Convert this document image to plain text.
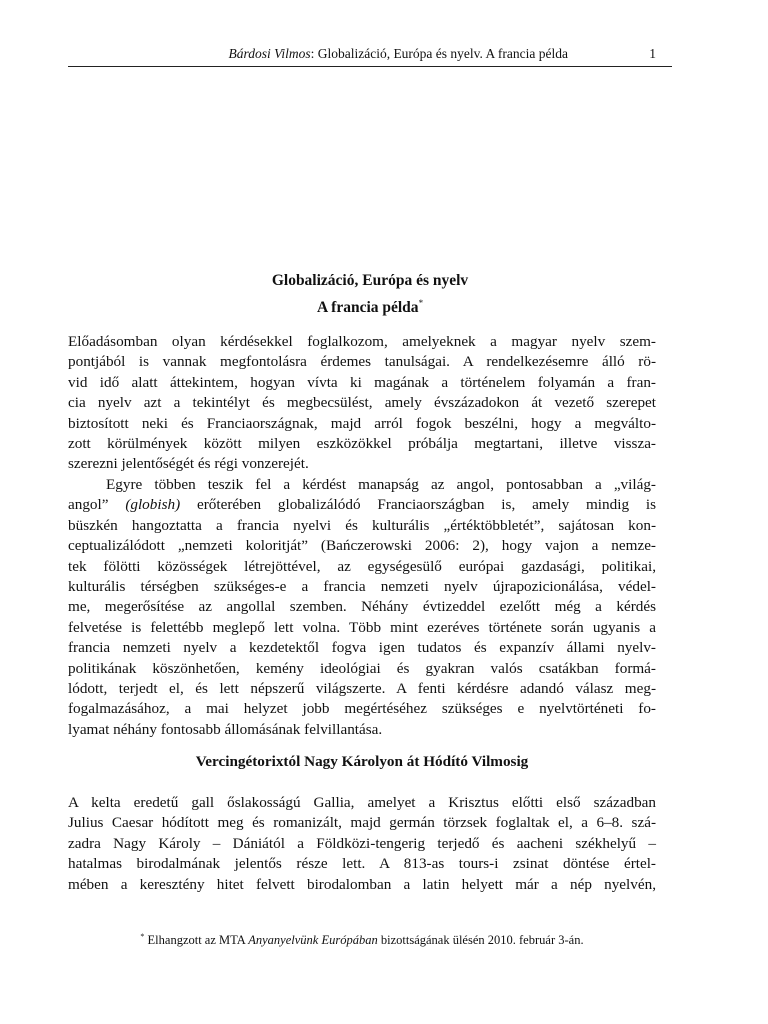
Bárdosi Vilmos: Globalizáció, Európa és nyelv. A francia példa	1
Globalizáció, Európa és nyelv
A francia példa*
Előadásomban olyan kérdésekkel foglalkozom, amelyeknek a magyar nyelv szem-
pontjából is vannak megfontolásra érdemes tanulságai. A rendelkezésemre álló rö-
vid idő alatt áttekintem, hogyan vívta ki magának a történelem folyamán a fran-
cia nyelv azt a tekintélyt és megbecsülést, amely évszázadokon át vezető szerepet
biztosított neki és Franciaországnak, majd arról fogok beszélni, hogy a megválto-
zott körülmények között milyen eszközökkel próbálja megtartani, illetve vissza-
szerezni jelentőségét és régi vonzerejét.
Egyre többen teszik fel a kérdést manapság az angol, pontosabban a „világ-
angol” (globish) erőterében globalizálódó Franciaországban is, amely mindig is
büszkén hangoztatta a francia nyelvi és kulturális „értéktöbbletét”, sajátosan kon-
ceptualizálódott „nemzeti koloritját” (Bańczerowski 2006: 2), hogy vajon a nemze-
tek fölötti közösségek létrejöttével, az egységesülő európai gazdasági, politikai,
kulturális térségben szükséges-e a francia nemzeti nyelv újrapozicionálása, védel-
me, megerősítése az angollal szemben. Néhány évtizeddel ezelőtt még a kérdés
felvetése is felettébb meglepő lett volna. Több mint ezeréves története során ugyanis a
francia nemzeti nyelv a kezdetektől fogva igen tudatos és expanzív állami nyelv-
politikának köszönhetően, kemény ideológiai és gyakran valós csatákban formá-
lódott, terjedt el, és lett népszerű világszerte. A fenti kérdésre adandó válasz meg-
fogalmazásához, a mai helyzet jobb megértéséhez szükséges e nyelvtörténeti fo-
lyamat néhány fontosabb állomásának felvillantása.
Vercingétorixtól Nagy Károlyon át Hódító Vilmosig
A kelta eredetű gall őslakosságú Gallia, amelyet a Krisztus előtti első században
Julius Caesar hódított meg és romanizált, majd germán törzsek foglaltak el, a 6–8. szá-
zadra Nagy Károly – Dániától a Földközi-tengerig terjedő és aacheni székhelyű –
hatalmas birodalmának jelentős része lett. A 813-as tours-i zsinat döntése értel-
mében a keresztény hitet felvett birodalomban a latin helyett már a nép nyelvén,
* Elhangzott az MTA Anyanyelvünk Európában bizottságának ülésén 2010. február 3-án.
